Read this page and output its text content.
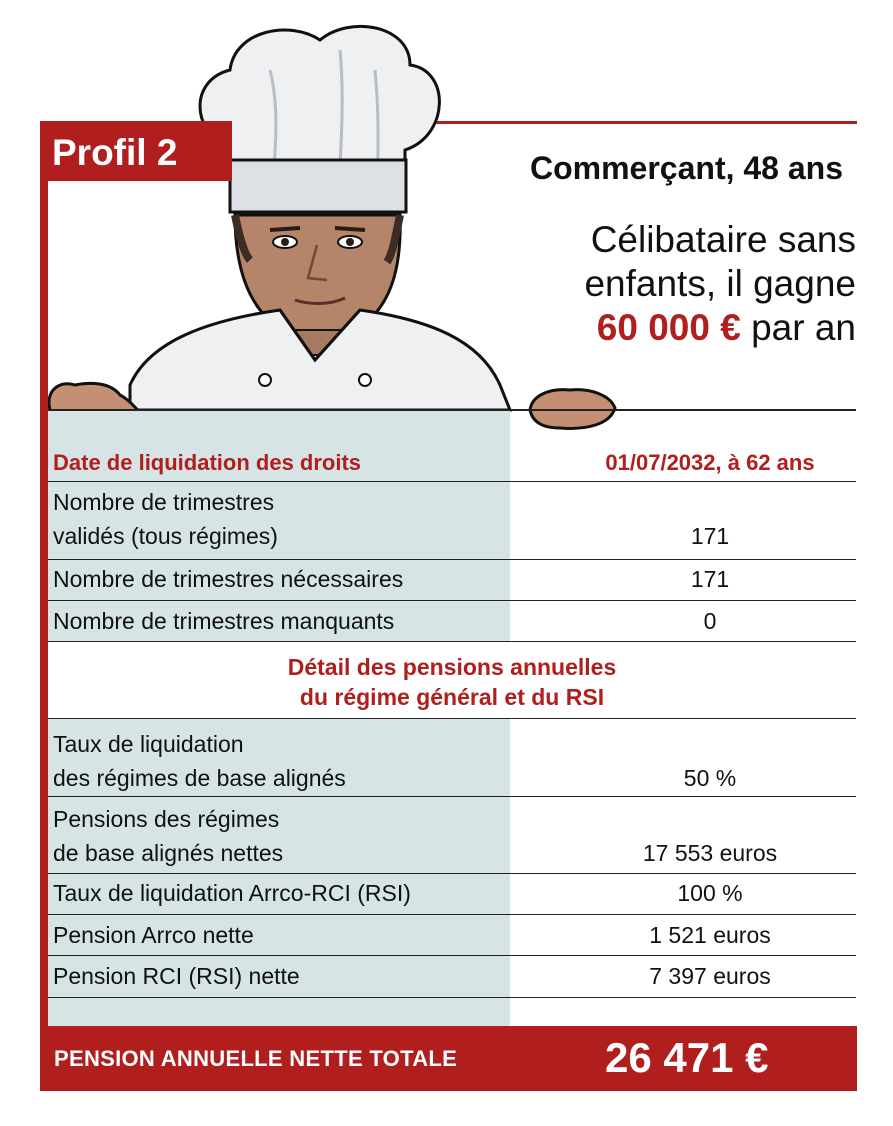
Profil 2	Commerçant, 48 ans
Célibataire sans
enfants, il gagne
60 000 € par an
Date de liquidation des droits	01/07/2032, à 62 ans
Nombre de trimestres
validés (tous régimes)	171
Nombre de trimestres nécessaires	171
Nombre de trimestres manquants	0
Détail des pensions annuelles
du régime général et du RSI
Taux de liquidation
des régimes de base alignés	50 %
Pensions des régimes
de base alignés nettes	17 553 euros
Taux de liquidation Arrco-RCI (RSI)	100 %
Pension Arrco nette	1 521 euros
Pension RCI (RSI) nette	7 397 euros
PENSION ANNUELLE NETTE TOTALE	26 471 €
